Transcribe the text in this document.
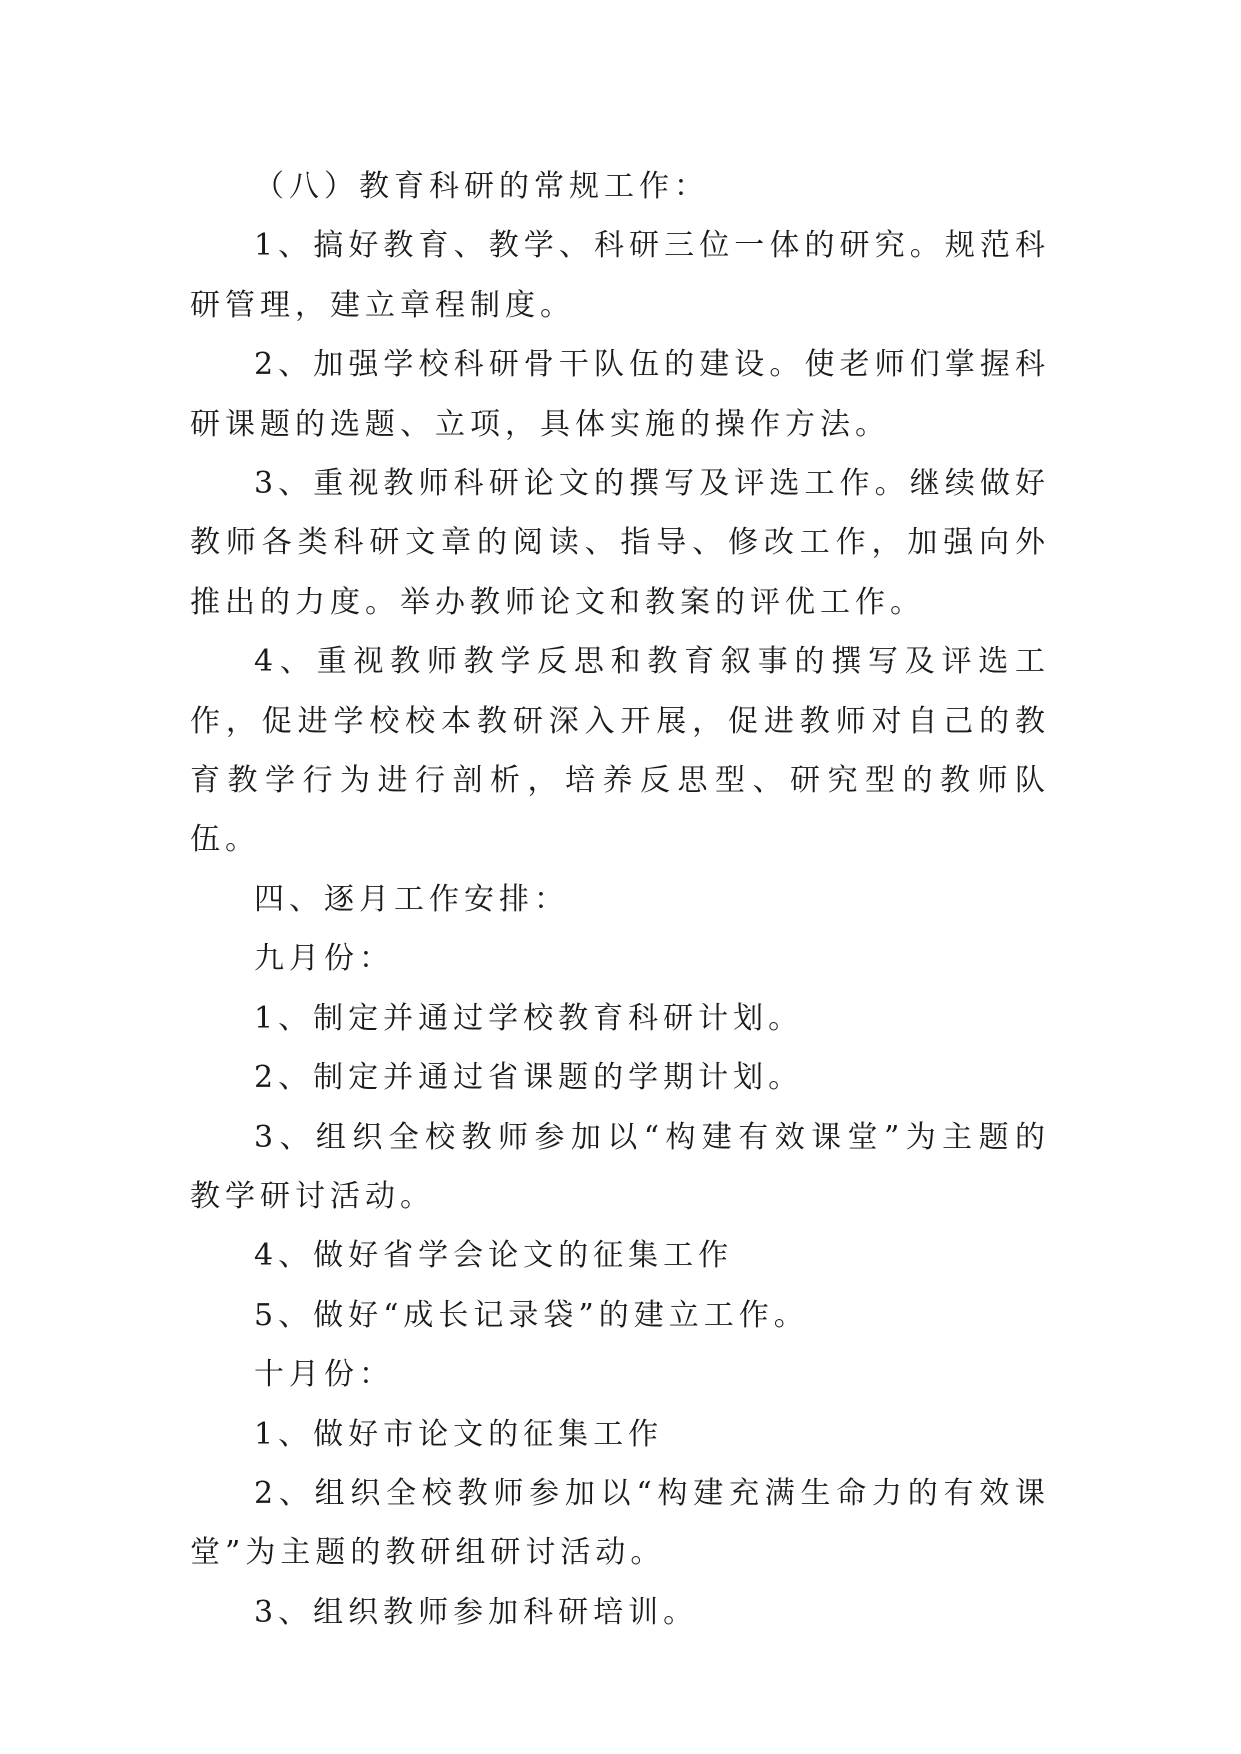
（八）教育科研的常规工作：

1、搞好教育、教学、科研三位一体的研究。规范科研管理，建立章程制度。

2、加强学校科研骨干队伍的建设。使老师们掌握科研课题的选题、立项，具体实施的操作方法。

3、重视教师科研论文的撰写及评选工作。继续做好教师各类科研文章的阅读、指导、修改工作，加强向外推出的力度。举办教师论文和教案的评优工作。

4、重视教师教学反思和教育叙事的撰写及评选工作，促进学校校本教研深入开展，促进教师对自己的教育教学行为进行剖析，培养反思型、研究型的教师队伍。

四、逐月工作安排：

九月份：

1、制定并通过学校教育科研计划。

2、制定并通过省课题的学期计划。

3、组织全校教师参加以“构建有效课堂”为主题的教学研讨活动。

4、做好省学会论文的征集工作

5、做好“成长记录袋”的建立工作。

十月份：

1、做好市论文的征集工作

2、组织全校教师参加以“构建充满生命力的有效课堂”为主题的教研组研讨活动。

3、组织教师参加科研培训。
